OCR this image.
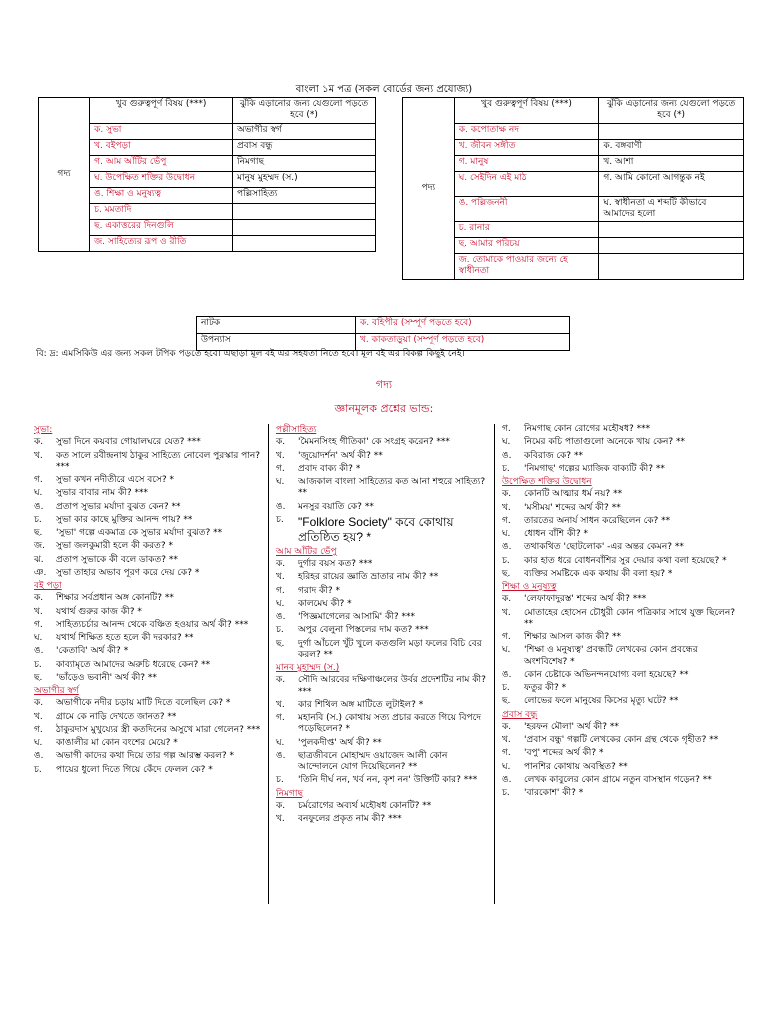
বাংলা ১ম পত্র (সকল বোর্ডের জন্য প্রযোজ্য)
গদ্য	খুব গুরুত্বপূর্ণ বিষয় (***)	ঝুঁকি এড়ানোর জন্য যেগুলো পড়তে হবে (*)
	ক. সুভা	অভাগীর স্বর্গ
	খ. বইপড়া	প্রবাস বন্ধু
	গ. আম আঁটির ভেঁপু	নিমগাছ
	ঘ. উপেক্ষিত শক্তির উদ্বোধন	মানুষ মুহম্মদ (স.)
	ঙ. শিক্ষা ও মনুষ্যত্ব	পল্লিসাহিত্য
	চ. মমতাদি	
	ছ. একাত্তরের দিনগুলি	
	জ. সাহিত্যের রূপ ও রীতি	
পদ্য	খুব গুরুত্বপূর্ণ বিষয় (***)	ঝুঁকি এড়ানোর জন্য যেগুলো পড়তে হবে (*)
	ক. কপোতাক্ষ নদ	
	খ. জীবন সঙ্গীত	ক. বঙ্গবাণী
	গ. মানুষ	খ. আশা
	ঘ. সেইদিন এই মাঠ	গ. আমি কোনো আগন্তুক নই
	ঙ. পল্লিজননী	ঘ. স্বাধীনতা এ শব্দটি কীভাবে আমাদের হলো
	চ. রানার	
	ছ. আমার পরিচয়	
	জ. তোমাকে পাওয়ার জন্যে হে স্বাধীনতা	
নাটক	ক. বহিপীর (সম্পূর্ণ পড়তে হবে)
উপন্যাস	খ. কাকতাড়ুয়া (সম্পূর্ণ পড়তে হবে)
বি: দ্র: এমসিকিউ এর জন্য সকল টপিক পড়তে হবে। এছাড়া মূল বই এর সহযতা নিতে হবে। মূল বই এর বিকল্প কিছুই নেই।
গদ্য
জ্ঞানমূলক প্রশ্নের ভান্ড:
সুভা:
ক.	সুভা দিনে কয়বার গোয়ালঘরে যেত? ***
খ.	কত সালে রবীন্দ্রনাথ ঠাকুর সাহিত্যে নোবেল পুরস্কার পান? ***
গ.	সুভা কখন নদীতীরে এসে বসে? *
ঘ.	সুভার বাবার নাম কী? ***
ঙ.	প্রতাপ সুভার মর্যাদা বুঝত কেন? **
চ.	সুভা কার কাছে মুক্তির আনন্দ পায়? **
ছ.	'সুভা' গল্পে একমাত্র কে সুভার মর্যাদা বুঝত? **
জ.	সুভা জলকুমারী হলে কী করত? *
ঝ.	প্রতাপ সুভাকে কী বলে ডাকত? **
ঞ.	সুভা তাহার অভাব পূরণ করে দেয় কে? *
বই পড়া
ক.	শিক্ষার সর্বপ্রধান অঙ্গ কোনটি? **
খ.	যথার্থ গুরুর কাজ কী? *
গ.	সাহিত্যচর্চার আনন্দ থেকে বঞ্চিত হওয়ার অর্থ কী? ***
ঘ.	যথার্থ শিক্ষিত হতে হলে কী দরকার? **
ঙ.	'কেতাবি' অর্থ কী? *
চ.	কাব্যামৃতে আমাদের অরুচি ধরেছে কেন? **
ছ.	'ভাঁড়েও ভবানী' অর্থ কী? **
অভাগীর স্বর্গ
ক.	অভাগীকে নদীর চড়ায় মাটি দিতে বলেছিল কে? *
খ.	গ্রামে কে নাড়ি দেখতে জানত? **
গ.	ঠাকুরদাস মুখুয্যের স্ত্রী কতদিনের অসুখে মারা গেলেন? ***
ঘ.	কাঙালীর মা কোন বংশের মেয়ে? *
ঙ.	অভাগী কাদের কথা দিয়ে তার গল্প আরম্ভ করল? *
চ.	পায়ের ধুলো দিতে গিয়ে কেঁদে ফেলল কে? *
পল্লীসাহিত্য
ক.	'মৈমনসিংহ গীতিকা' কে সংগ্রহ করেন? ***
খ.	'জুয়োদর্শন' অর্থ কী? **
গ.	প্রবাদ বাক্য কী? *
ঘ.	আজকাল বাংলা সাহিত্যের কত আনা শহুরে সাহিত্য? **
ঙ.	মনসুর বয়াতি কে? **
চ.	"Folklore Society" কবে কোথায় প্রতিষ্ঠিত হয়? *
আম আঁটির ভেঁপু
ক.	দুর্গার বয়স কত? ***
খ.	হরিহর রায়ের জ্ঞাতি ভ্রাতার নাম কী? **
গ.	গরাদ কী? *
ঘ.	কালমেঘ কী? *
ঙ.	'পিজ্ঞমাগেলের আসামি' কী? ***
চ.	অপুর বেলুনা পিস্তলের দাম কত? ***
ছ.	দুর্গা আঁচলে খুঁট খুলে কতগুলি মড়া ফলের বিচি বের করল? **
মানব মুহাম্মদ (স.)
ক.	সৌদি আরবের দক্ষিণাঞ্চলের উর্বর প্রদেশটির নাম কী? ***
খ.	কার শিথিল অঙ্গ মাটিতে লুটাইল? *
গ.	মহানবি (স.) কোথায় সত্য প্রচার করতে গিয়ে বিপদে পড়েছিলেন? *
ঘ.	'পুলকদীপ্ত' অর্থ কী? **
ঙ.	ছাত্রজীবনে মোহাম্মদ ওয়াজেদ আলী কোন আন্দোলনে যোগ দিয়েছিলেন? **
চ.	'তিনি দীর্ঘ নন, খর্ব নন, কৃশ নন' উক্তিটি কার? ***
নিমগাছ
ক.	চর্মরোগের অব্যর্থ মহৌষধ কোনটি? **
খ.	বনফুলের প্রকৃত নাম কী? ***
গ.	নিমগাছ কোন রোগের মহৌষধ? ***
ঘ.	নিমের কচি পাতাগুলো অনেকে খায় কেন? **
ঙ.	কবিরাজ কে? **
চ.	'নিমগাছ' গল্পের ম্যাজিক বাক্যটি কী? **
উপেক্ষিত শক্তির উদ্বোধন
ক.	কোনটি আত্মার ধর্ম নয়? **
খ.	'মসীময়' শব্দের অর্থ কী? **
গ.	তারতের অনার্য সাধন করেছিলেন কে? **
ঘ.	ধোধন বাঁশি কী? *
ঙ.	তথাকথিত 'ছোটলোক' -এর অন্তর কেমন? **
চ.	কার হাত ধরে বোধনবাঁশির সুর দেয়ার কথা বলা হয়েছে? *
ছ.	ব্যক্তির সমষ্টিকে এক কথায় কী বলা হয়? *
শিক্ষা ও মনুষ্যত্ব
ক.	'লেফাফাদুরস্ত' শব্দের অর্থ কী? ***
খ.	মোতাহের হোসেন চৌধুরী কোন পত্রিকার সাথে যুক্ত ছিলেন? **
গ.	শিক্ষার আসল কাজ কী? **
ঘ.	'শিক্ষা ও মনুষ্যত্ব' প্রবন্ধটি লেখকের কোন প্রবন্ধের অংশবিশেষ? *
ঙ.	কোন চেষ্টাকে অভিনন্দনযোগ্য বলা হয়েছে? **
চ.	ফতুর কী? *
ছ.	লোভের ফলে মানুষের কিসের মৃত্যু ঘটে? **
প্রবাস বন্ধু
ক.	'হরফন মৌলা' অর্থ কী? **
খ.	'প্রবাস বন্ধু' গল্পটি লেখকের কোন গ্রন্থ থেকে গৃহীত? **
গ.	'বপু' শব্দের অর্থ কী? *
ঘ.	পানশির কোথায় অবস্থিত? **
ঙ.	লেখক কাবুলের কোন গ্রামে নতুন বাসস্থান গড়েন? **
চ.	'বারকোশ' কী? *
